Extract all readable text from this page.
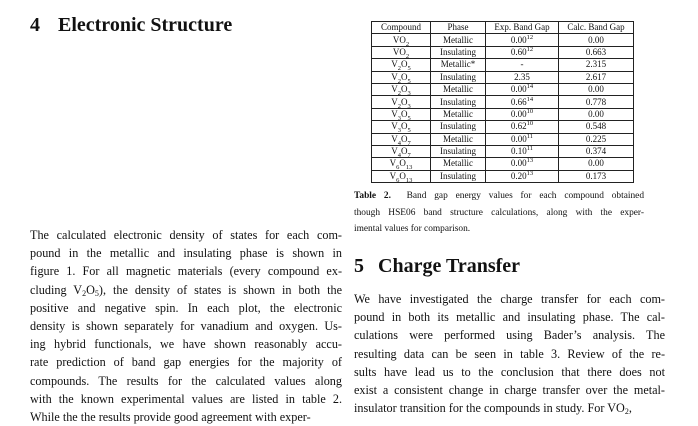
4 Electronic Structure
The calculated electronic density of states for each com-
pound in the metallic and insulating phase is shown in
figure 1. For all magnetic materials (every compound ex-
cluding $V_2O_5$), the density of states is shown in both the
positive and negative spin. In each plot, the electronic
density is shown separately for vanadium and oxygen. Us-
ing hybrid functionals, we have shown reasonably accu-
rate prediction of band gap energies for the majority of
compounds. The results for the calculated values along
with the known experimental values are listed in table 2.
While the the results provide good agreement with exper-
Compound	Phase	Exp. Band Gap	Calc. Band Gap
$VO_2$	Metallic	0.00$^{12}$	0.00
$VO_2$	Insulating	0.60$^{12}$	0.663
$V_2O_5$	Metallic*	-	2.315
$V_2O_5$	Insulating	2.35	2.617
$V_2O_3$	Metallic	0.00$^{14}$	0.00
$V_2O_3$	Insulating	0.66$^{14}$	0.778
$V_3O_5$	Metallic	0.00$^{10}$	0.00
$V_3O_5$	Insulating	0.62$^{10}$	0.548
$V_4O_7$	Metallic	0.00$^{11}$	0.225
$V_4O_7$	Insulating	0.10$^{11}$	0.374
$V_6O_{13}$	Metallic	0.00$^{13}$	0.00
$V_6O_{13}$	Insulating	0.20$^{13}$	0.173
Table 2. Band gap energy values for each compound obtained
though HSE06 band structure calculations, along with the exper-
imental values for comparison.
5 Charge Transfer
We have investigated the charge transfer for each com-
pound in both its metallic and insulating phase. The cal-
culations were performed using Bader’s analysis. The
resulting data can be seen in table 3. Review of the re-
sults have lead us to the conclusion that there does not
exist a consistent change in charge transfer over the metal-
insulator transition for the compounds in study. For $VO_2$,
